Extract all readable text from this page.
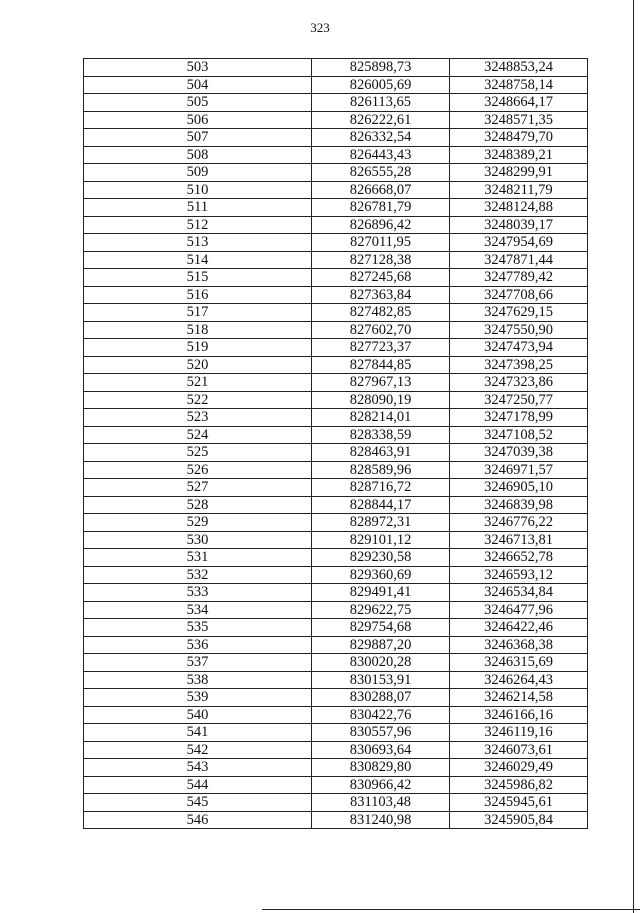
323
503	825898,73	3248853,24
504	826005,69	3248758,14
505	826113,65	3248664,17
506	826222,61	3248571,35
507	826332,54	3248479,70
508	826443,43	3248389,21
509	826555,28	3248299,91
510	826668,07	3248211,79
511	826781,79	3248124,88
512	826896,42	3248039,17
513	827011,95	3247954,69
514	827128,38	3247871,44
515	827245,68	3247789,42
516	827363,84	3247708,66
517	827482,85	3247629,15
518	827602,70	3247550,90
519	827723,37	3247473,94
520	827844,85	3247398,25
521	827967,13	3247323,86
522	828090,19	3247250,77
523	828214,01	3247178,99
524	828338,59	3247108,52
525	828463,91	3247039,38
526	828589,96	3246971,57
527	828716,72	3246905,10
528	828844,17	3246839,98
529	828972,31	3246776,22
530	829101,12	3246713,81
531	829230,58	3246652,78
532	829360,69	3246593,12
533	829491,41	3246534,84
534	829622,75	3246477,96
535	829754,68	3246422,46
536	829887,20	3246368,38
537	830020,28	3246315,69
538	830153,91	3246264,43
539	830288,07	3246214,58
540	830422,76	3246166,16
541	830557,96	3246119,16
542	830693,64	3246073,61
543	830829,80	3246029,49
544	830966,42	3245986,82
545	831103,48	3245945,61
546	831240,98	3245905,84
